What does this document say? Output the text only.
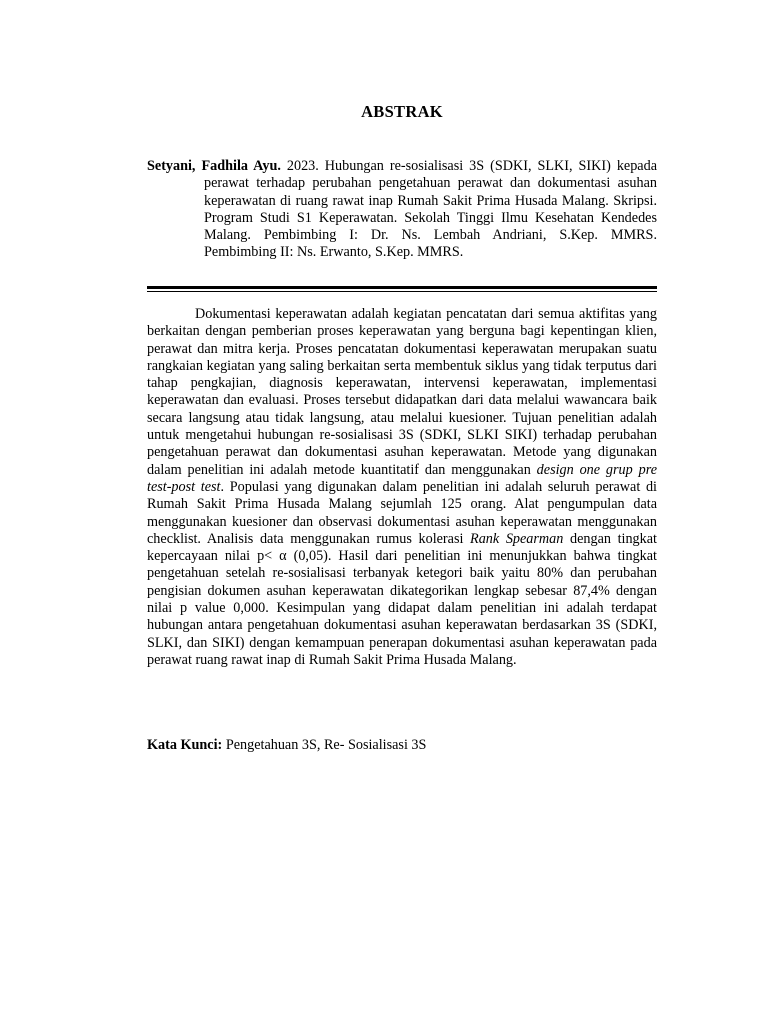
ABSTRAK
Setyani, Fadhila Ayu. 2023. Hubungan re-sosialisasi 3S (SDKI, SLKI, SIKI) kepada perawat terhadap perubahan pengetahuan perawat dan dokumentasi asuhan keperawatan di ruang rawat inap Rumah Sakit Prima Husada Malang. Skripsi. Program Studi S1 Keperawatan. Sekolah Tinggi Ilmu Kesehatan Kendedes Malang. Pembimbing I: Dr. Ns. Lembah Andriani, S.Kep. MMRS. Pembimbing II: Ns. Erwanto, S.Kep. MMRS.
Dokumentasi keperawatan adalah kegiatan pencatatan dari semua aktifitas yang berkaitan dengan pemberian proses keperawatan yang berguna bagi kepentingan klien, perawat dan mitra kerja. Proses pencatatan dokumentasi keperawatan merupakan suatu rangkaian kegiatan yang saling berkaitan serta membentuk siklus yang tidak terputus dari tahap pengkajian, diagnosis keperawatan, intervensi keperawatan, implementasi keperawatan dan evaluasi. Proses tersebut didapatkan dari data melalui wawancara baik secara langsung atau tidak langsung, atau melalui kuesioner. Tujuan penelitian adalah untuk mengetahui hubungan re-sosialisasi 3S (SDKI, SLKI SIKI) terhadap perubahan pengetahuan perawat dan dokumentasi asuhan keperawatan. Metode yang digunakan dalam penelitian ini adalah metode kuantitatif dan menggunakan design one grup pre test-post test. Populasi yang digunakan dalam penelitian ini adalah seluruh perawat di Rumah Sakit Prima Husada Malang sejumlah 125 orang. Alat pengumpulan data menggunakan kuesioner dan observasi dokumentasi asuhan keperawatan menggunakan checklist. Analisis data menggunakan rumus kolerasi Rank Spearman dengan tingkat kepercayaan nilai p< α (0,05). Hasil dari penelitian ini menunjukkan bahwa tingkat pengetahuan setelah re-sosialisasi terbanyak ketegori baik yaitu 80% dan perubahan pengisian dokumen asuhan keperawatan dikategorikan lengkap sebesar 87,4% dengan nilai p value 0,000. Kesimpulan yang didapat dalam penelitian ini adalah terdapat hubungan antara pengetahuan dokumentasi asuhan keperawatan berdasarkan 3S (SDKI, SLKI, dan SIKI) dengan kemampuan penerapan dokumentasi asuhan keperawatan pada perawat ruang rawat inap di Rumah Sakit Prima Husada Malang.
Kata Kunci: Pengetahuan 3S, Re- Sosialisasi 3S
